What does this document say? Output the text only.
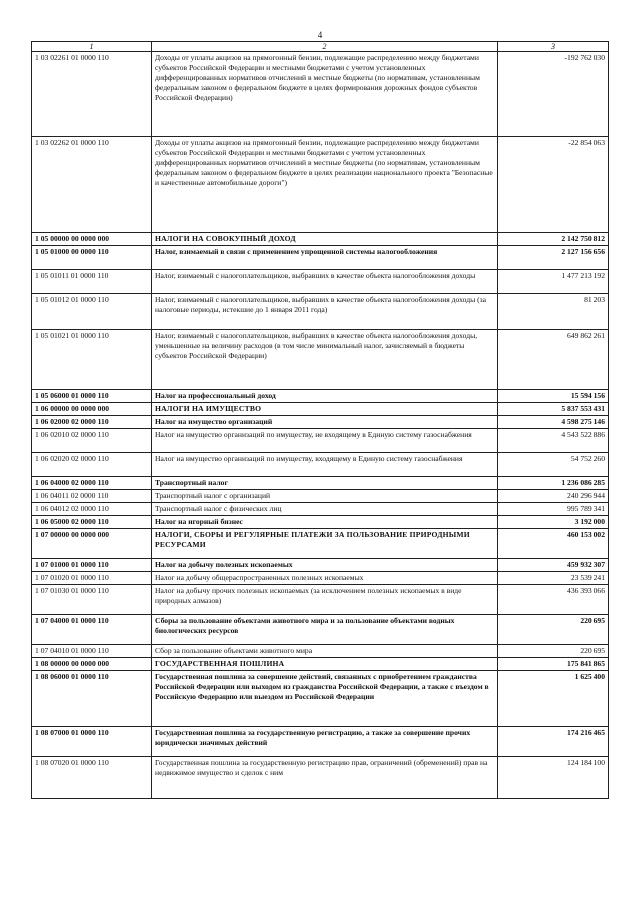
4
1	2	3
1 03 02261 01 0000 110	Доходы от уплаты акцизов на прямогонный бензин, подлежащие распределению между бюджетами субъектов Российской Федерации и местными бюджетами с учетом установленных дифференцированных нормативов отчислений в местные бюджеты (по нормативам, установленным федеральным законом о федеральном бюджете в целях формирования дорожных фондов субъектов Российской Федерации)	-192 762 030
1 03 02262 01 0000 110	Доходы от уплаты акцизов на прямогонный бензин, подлежащие распределению между бюджетами субъектов Российской Федерации и местными бюджетами с учетом установленных дифференцированных нормативов отчислений в местные бюджеты (по нормативам, установленным федеральным законом о федеральном бюджете в целях реализации национального проекта "Безопасные и качественные автомобильные дороги")	-22 854 063
1 05 00000 00 0000 000	НАЛОГИ НА СОВОКУПНЫЙ ДОХОД	2 142 750 812
1 05 01000 00 0000 110	Налог, взимаемый в связи с применением упрощенной системы налогообложения	2 127 156 656
1 05 01011 01 0000 110	Налог, взимаемый с налогоплательщиков, выбравших в качестве объекта налогообложения доходы	1 477 213 192
1 05 01012 01 0000 110	Налог, взимаемый с налогоплательщиков, выбравших в качестве объекта налогообложения доходы (за налоговые периоды, истекшие до 1 января 2011 года)	81 203
1 05 01021 01 0000 110	Налог, взимаемый с налогоплательщиков, выбравших в качестве объекта налогообложения доходы, уменьшенные на величину расходов (в том числе минимальный налог, зачисляемый в бюджеты субъектов Российской Федерации)	649 862 261
1 05 06000 01 0000 110	Налог на профессиональный доход	15 594 156
1 06 00000 00 0000 000	НАЛОГИ НА ИМУЩЕСТВО	5 837 553 431
1 06 02000 02 0000 110	Налог на имущество организаций	4 598 275 146
1 06 02010 02 0000 110	Налог на имущество организаций по имуществу, не входящему в Единую систему газоснабжения	4 543 522 886
1 06 02020 02 0000 110	Налог на имущество организаций по имуществу, входящему в Единую систему газоснабжения	54 752 260
1 06 04000 02 0000 110	Транспортный налог	1 236 086 285
1 06 04011 02 0000 110	Транспортный налог с организаций	240 296 944
1 06 04012 02 0000 110	Транспортный налог с физических лиц	995 789 341
1 06 05000 02 0000 110	Налог на игорный бизнес	3 192 000
1 07 00000 00 0000 000	НАЛОГИ, СБОРЫ И РЕГУЛЯРНЫЕ ПЛАТЕЖИ ЗА ПОЛЬЗОВАНИЕ ПРИРОДНЫМИ РЕСУРСАМИ	460 153 002
1 07 01000 01 0000 110	Налог на добычу полезных ископаемых	459 932 307
1 07 01020 01 0000 110	Налог на добычу общераспространенных полезных ископаемых	23 539 241
1 07 01030 01 0000 110	Налог на добычу прочих полезных ископаемых (за исключением полезных ископаемых в виде природных алмазов)	436 393 066
1 07 04000 01 0000 110	Сборы за пользование объектами животного мира и за пользование объектами водных биологических ресурсов	220 695
1 07 04010 01 0000 110	Сбор за пользование объектами животного мира	220 695
1 08 00000 00 0000 000	ГОСУДАРСТВЕННАЯ ПОШЛИНА	175 841 865
1 08 06000 01 0000 110	Государственная пошлина за совершение действий, связанных с приобретением гражданства Российской Федерации или выходом из гражданства Российской Федерации, а также с въездом в Российскую Федерацию или выездом из Российской Федерации	1 625 400
1 08 07000 01 0000 110	Государственная пошлина за государственную регистрацию, а также за совершение прочих юридически значимых действий	174 216 465
1 08 07020 01 0000 110	Государственная пошлина за государственную регистрацию прав, ограничений (обременений) прав на недвижимое имущество и сделок с ним	124 184 100
